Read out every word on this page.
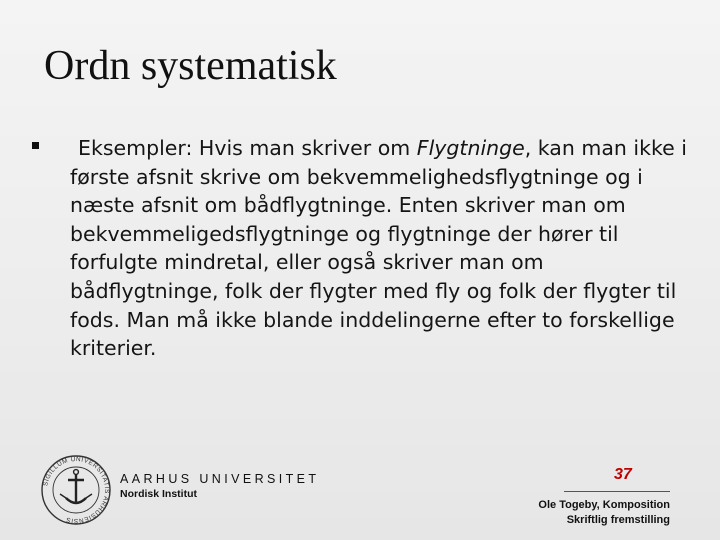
Ordn systematisk
Eksempler: Hvis man skriver om Flygtninge, kan man ikke i første afsnit skrive om bekvemmelighedsflygtninge og i næste afsnit om bådflygtninge. Enten skriver man om bekvemmeligedsflygtninge og flygtninge der hører til forfulgte mindretal, eller også skriver man om bådflygtninge, folk der flygter med fly og folk der flygter til fods. Man må ikke blande inddelingerne efter to forskellige kriterier.
SIGILLUM UNIVERSITATIS ARHUSIENSIS
AARHUS UNIVERSITET
Nordisk Institut
37
Ole Togeby, Komposition
Skriftlig fremstilling
